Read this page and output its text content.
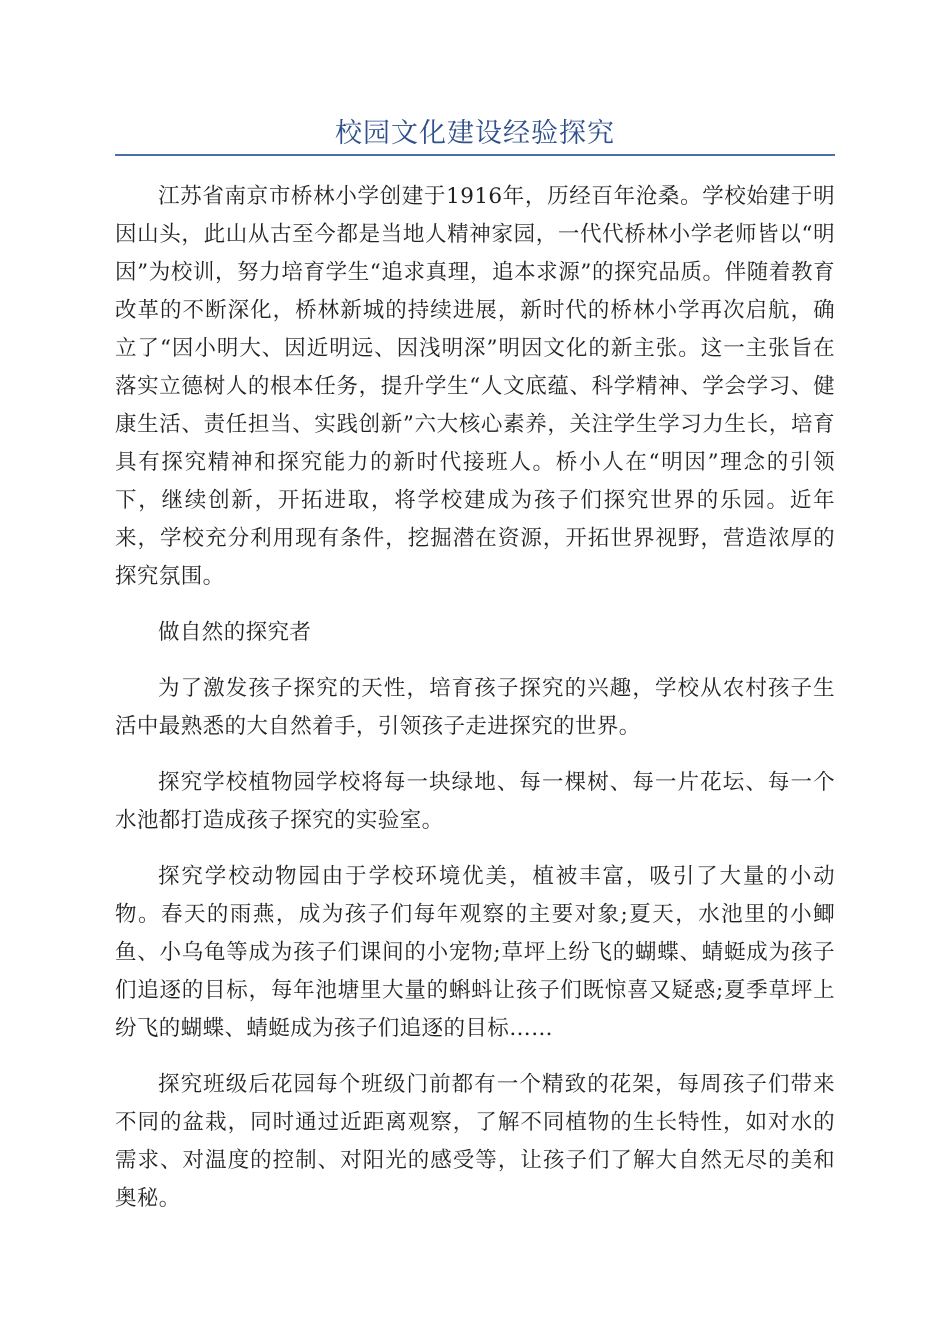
校园文化建设经验探究

江苏省南京市桥林小学创建于1916年，历经百年沧桑。学校始建于明因山头，此山从古至今都是当地人精神家园，一代代桥林小学老师皆以“明因”为校训，努力培育学生“追求真理，追本求源”的探究品质。伴随着教育改革的不断深化，桥林新城的持续进展，新时代的桥林小学再次启航，确立了“因小明大、因近明远、因浅明深”明因文化的新主张。这一主张旨在落实立德树人的根本任务，提升学生“人文底蕴、科学精神、学会学习、健康生活、责任担当、实践创新”六大核心素养，关注学生学习力生长，培育具有探究精神和探究能力的新时代接班人。桥小人在“明因”理念的引领下，继续创新，开拓进取，将学校建成为孩子们探究世界的乐园。近年来，学校充分利用现有条件，挖掘潜在资源，开拓世界视野，营造浓厚的探究氛围。

做自然的探究者

为了激发孩子探究的天性，培育孩子探究的兴趣，学校从农村孩子生活中最熟悉的大自然着手，引领孩子走进探究的世界。

探究学校植物园学校将每一块绿地、每一棵树、每一片花坛、每一个水池都打造成孩子探究的实验室。

探究学校动物园由于学校环境优美，植被丰富，吸引了大量的小动物。春天的雨燕，成为孩子们每年观察的主要对象;夏天，水池里的小鲫鱼、小乌龟等成为孩子们课间的小宠物;草坪上纷飞的蝴蝶、蜻蜓成为孩子们追逐的目标，每年池塘里大量的蝌蚪让孩子们既惊喜又疑惑;夏季草坪上纷飞的蝴蝶、蜻蜓成为孩子们追逐的目标……

探究班级后花园每个班级门前都有一个精致的花架，每周孩子们带来不同的盆栽，同时通过近距离观察，了解不同植物的生长特性，如对水的需求、对温度的控制、对阳光的感受等，让孩子们了解大自然无尽的美和奥秘。
